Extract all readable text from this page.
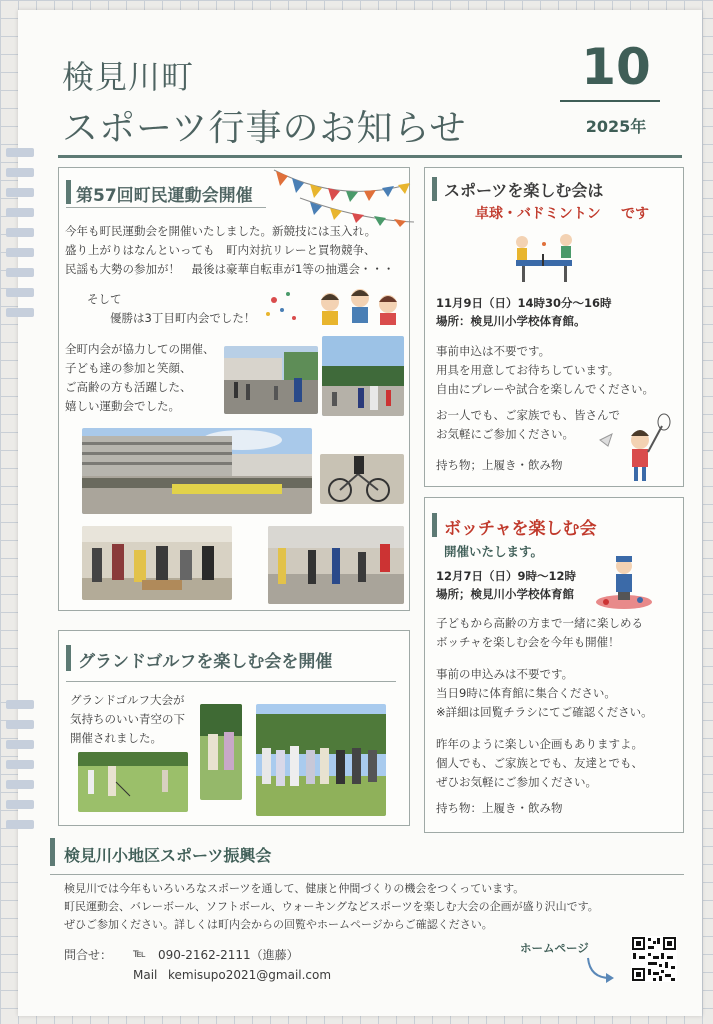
検見川町
スポーツ行事のお知らせ
10
2025年
第57回町民運動会開催
今年も町民運動会を開催いたしました。新競技には玉入れ。
盛り上がりはなんといっても　町内対抗リレーと買物競争、
民謡も大勢の参加が！　最後は豪華自転車が1等の抽選会・・・
そして
　　優勝は3丁目町内会でした！
全町内会が協力しての開催、
子ども達の参加と笑顔、
ご高齢の方も活躍した、
嬉しい運動会でした。
スポーツを楽しむ会は
卓球・バドミントン です
11月9日（日）14時30分～16時
場所：検見川小学校体育館。
事前申込は不要です。
用具を用意してお待ちしています。
自由にプレーや試合を楽しんでください。
お一人でも、ご家族でも、皆さんで
お気軽にご参加ください。
持ち物；上履き・飲み物
ボッチャを楽しむ会
開催いたします。
12月7日（日）9時～12時
場所；検見川小学校体育館
子どもから高齢の方まで一緒に楽しめる
ボッチャを楽しむ会を今年も開催！
事前の申込みは不要です。
当日9時に体育館に集合ください。
※詳細は回覧チラシにてご確認ください。
昨年のように楽しい企画もありますよ。
個人でも、ご家族とでも、友達とでも、
ぜひお気軽にご参加ください。
持ち物：上履き・飲み物
グランドゴルフを楽しむ会を開催
グランドゴルフ大会が
気持ちのいい青空の下
開催されました。
検見川小地区スポーツ振興会
検見川では今年もいろいろなスポーツを通して、健康と仲間づくりの機会をつくっています。
町民運動会、バレーボール、ソフトボール、ウォーキングなどスポーツを楽しむ大会の企画が盛り沢山です。
ぜひご参加ください。詳しくは町内会からの回覧やホームページからご確認ください。
問合せ： ℡ 090-2162-2111（進藤）
Mail kemisupo2021@gmail.com
ホームページ
